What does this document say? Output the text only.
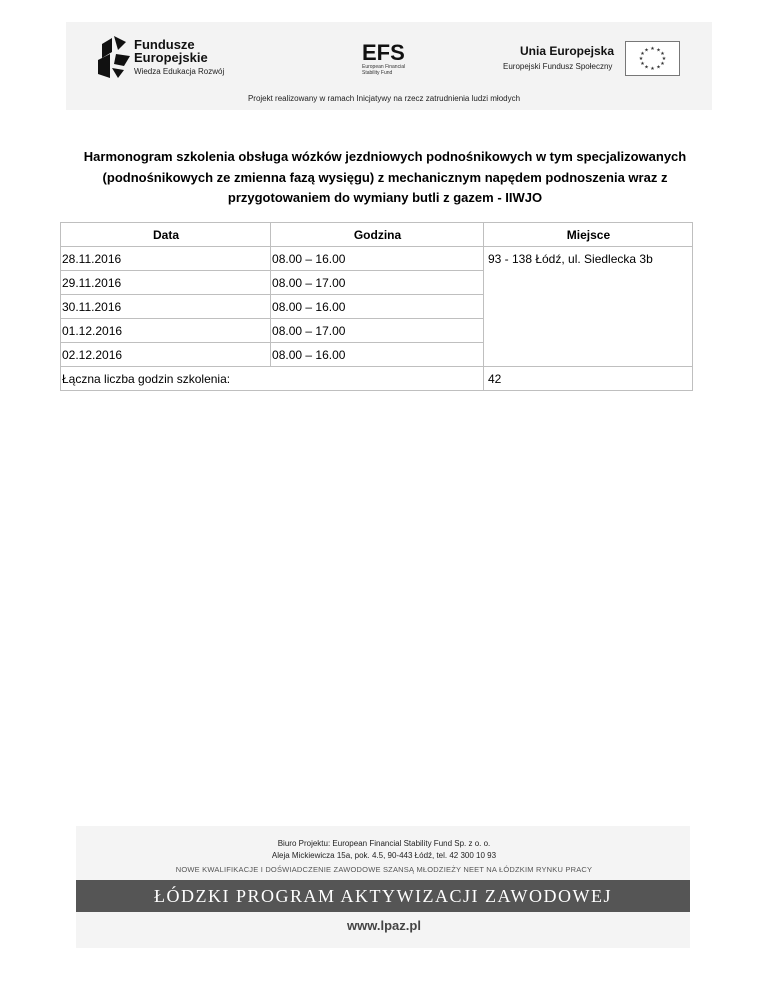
Fundusze
Europejskie
Wiedza Edukacja Rozwój
EFS
European Financial
Stability Fund
Unia Europejska
Europejski Fundusz Społeczny
★ ★
★
★
★
★
★
★
★
★
★
★
Projekt realizowany w ramach Inicjatywy na rzecz zatrudnienia ludzi młodych
Harmonogram szkolenia obsługa wózków jezdniowych podnośnikowych w tym specjalizowanych
(podnośnikowych ze zmienna fazą wysięgu) z mechanicznym napędem podnoszenia wraz z
przygotowaniem do wymiany butli z gazem - IIWJO
Data	Godzina	Miejsce
28.11.2016	08.00 – 16.00	93 - 138 Łódź, ul. Siedlecka 3b
29.11.2016	08.00 – 17.00	
30.11.2016	08.00 – 16.00	
01.12.2016	08.00 – 17.00	
02.12.2016	08.00 – 16.00	
Łączna liczba godzin szkolenia:		42
Biuro Projektu: European Financial Stability Fund Sp. z o. o.
Aleja Mickiewicza 15a, pok. 4.5, 90-443 Łódź, tel. 42 300 10 93
NOWE KWALIFIKACJE I DOŚWIADCZENIE ZAWODOWE SZANSĄ MŁODZIEŻY NEET NA ŁÓDZKIM RYNKU PRACY
ŁÓDZKI PROGRAM AKTYWIZACJI ZAWODOWEJ
www.lpaz.pl
